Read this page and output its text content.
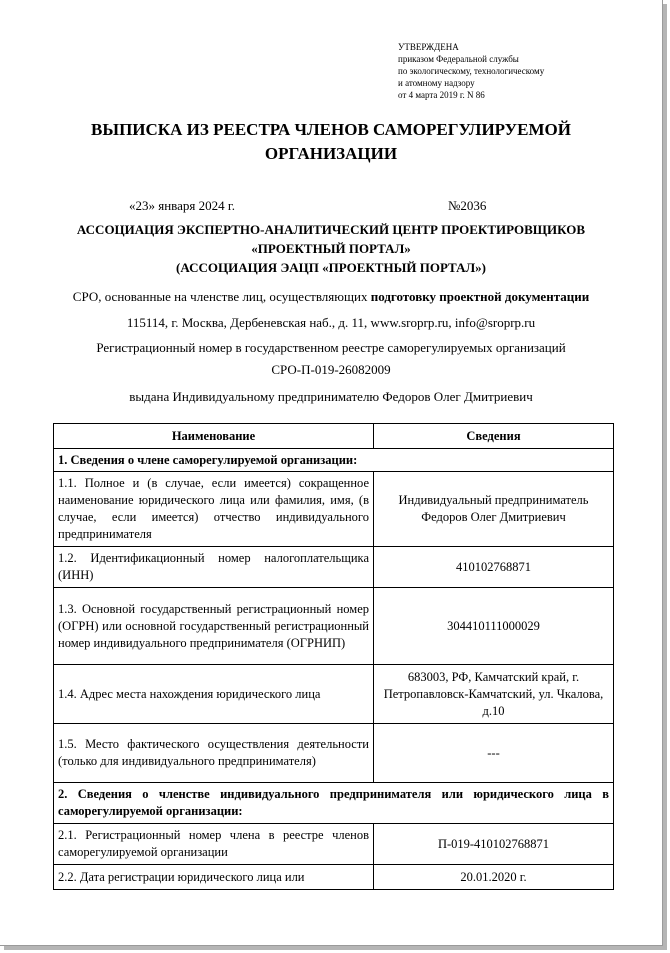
УТВЕРЖДЕНА
приказом Федеральной службы
по экологическому, технологическому
и атомному надзору
от 4 марта 2019 г. N 86
ВЫПИСКА ИЗ РЕЕСТРА ЧЛЕНОВ САМОРЕГУЛИРУЕМОЙ
ОРГАНИЗАЦИИ
«23» января 2024 г.	№2036
АССОЦИАЦИЯ ЭКСПЕРТНО-АНАЛИТИЧЕСКИЙ ЦЕНТР ПРОЕКТИРОВЩИКОВ
«ПРОЕКТНЫЙ ПОРТАЛ»
(АССОЦИАЦИЯ ЭАЦП «ПРОЕКТНЫЙ ПОРТАЛ»)
СРО, основанные на членстве лиц, осуществляющих подготовку проектной документации
115114, г. Москва, Дербеневская наб., д. 11, www.sroprp.ru, info@sroprp.ru
Регистрационный номер в государственном реестре саморегулируемых организаций
СРО-П-019-26082009
выдана Индивидуальному предпринимателю Федоров Олег Дмитриевич
Наименование	Сведения
1. Сведения о члене саморегулируемой организации:	
1.1. Полное и (в случае, если имеется) сокращенное наименование юридического лица или фамилия, имя, (в случае, если имеется) отчество индивидуального предпринимателя	Индивидуальный предприниматель Федоров Олег Дмитриевич
1.2. Идентификационный номер налогоплательщика (ИНН)	410102768871
1.3. Основной государственный регистрационный номер (ОГРН) или основной государственный регистрационный номер индивидуального предпринимателя (ОГРНИП)	304410111000029
1.4. Адрес места нахождения юридического лица	683003, РФ, Камчатский край, г. Петропавловск-Камчатский, ул. Чкалова, д.10
1.5. Место фактического осуществления деятельности (только для индивидуального предпринимателя)	---
2. Сведения о членстве индивидуального предпринимателя или юридического лица в саморегулируемой организации:	
2.1. Регистрационный номер члена в реестре членов саморегулируемой организации	П-019-410102768871
2.2. Дата регистрации юридического лица или	20.01.2020 г.
